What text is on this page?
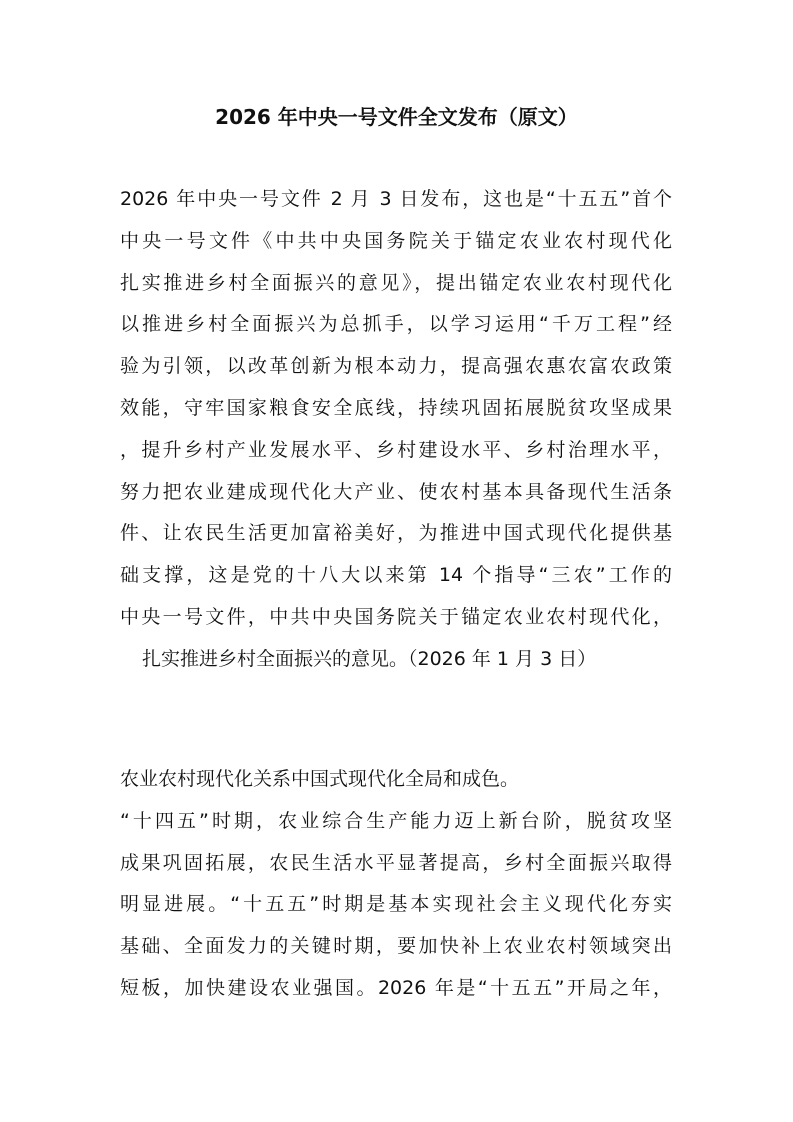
2026 年中央一号文件全文发布（原文）
2026 年中央一号文件 2 月 3 日发布，这也是“十五五”首个
中央一号文件《中共中央国务院关于锚定农业农村现代化
扎实推进乡村全面振兴的意见》，提出锚定农业农村现代化
以推进乡村全面振兴为总抓手，以学习运用“千万工程”经
验为引领，以改革创新为根本动力，提高强农惠农富农政策
效能，守牢国家粮食安全底线，持续巩固拓展脱贫攻坚成果
，提升乡村产业发展水平、乡村建设水平、乡村治理水平，
努力把农业建成现代化大产业、使农村基本具备现代生活条
件、让农民生活更加富裕美好，为推进中国式现代化提供基
础支撑，这是党的十八大以来第 14 个指导“三农”工作的
中央一号文件，中共中央国务院关于锚定农业农村现代化，
扎实推进乡村全面振兴的意见。（2026 年 1 月 3 日）
农业农村现代化关系中国式现代化全局和成色。
“十四五”时期，农业综合生产能力迈上新台阶，脱贫攻坚
成果巩固拓展，农民生活水平显著提高，乡村全面振兴取得
明显进展。“十五五”时期是基本实现社会主义现代化夯实
基础、全面发力的关键时期，要加快补上农业农村领域突出
短板，加快建设农业强国。2026 年是“十五五”开局之年，
